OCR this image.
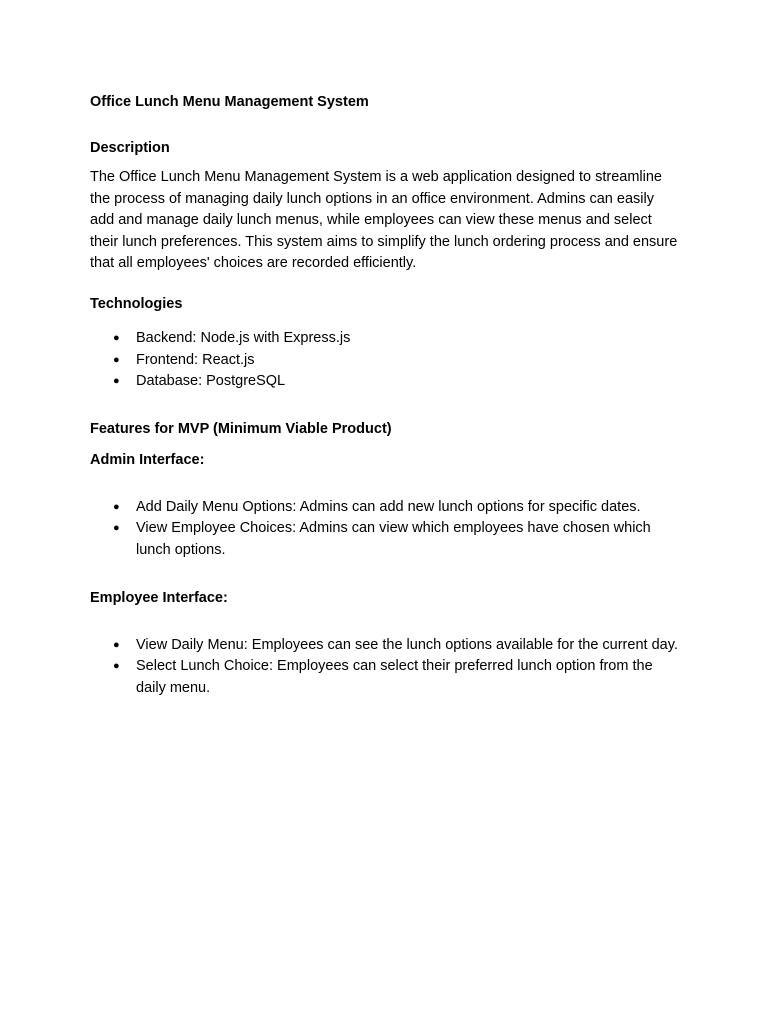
Office Lunch Menu Management System

Description

The Office Lunch Menu Management System is a web application designed to streamline the process of managing daily lunch options in an office environment. Admins can easily add and manage daily lunch menus, while employees can view these menus and select their lunch preferences. This system aims to simplify the lunch ordering process and ensure that all employees' choices are recorded efficiently.

Technologies

● Backend: Node.js with Express.js
● Frontend: React.js
● Database: PostgreSQL

Features for MVP (Minimum Viable Product)

Admin Interface:

● Add Daily Menu Options: Admins can add new lunch options for specific dates.
● View Employee Choices: Admins can view which employees have chosen which lunch options.

Employee Interface:

● View Daily Menu: Employees can see the lunch options available for the current day.
● Select Lunch Choice: Employees can select their preferred lunch option from the daily menu.
